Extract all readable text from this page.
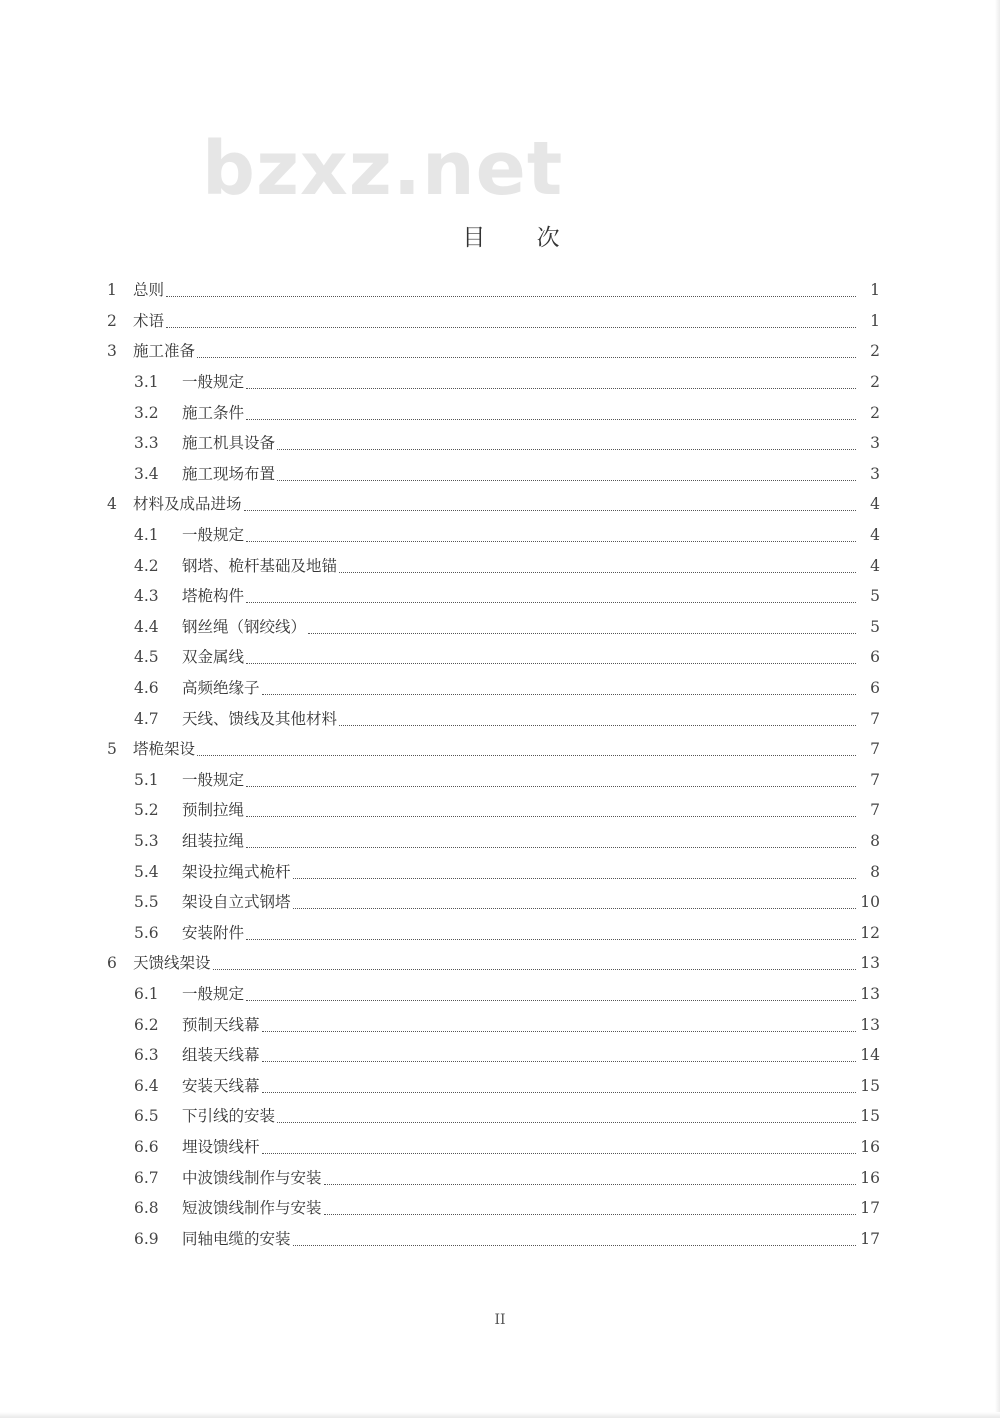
bzxz.net
目 次
1	总则	1
2	术语	1
3	施工准备	2
3.1	一般规定	2
3.2	施工条件	2
3.3	施工机具设备	3
3.4	施工现场布置	3
4	材料及成品进场	4
4.1	一般规定	4
4.2	钢塔、桅杆基础及地锚	4
4.3	塔桅构件	5
4.4	钢丝绳（钢绞线）	5
4.5	双金属线	6
4.6	高频绝缘子	6
4.7	天线、馈线及其他材料	7
5	塔桅架设	7
5.1	一般规定	7
5.2	预制拉绳	7
5.3	组装拉绳	8
5.4	架设拉绳式桅杆	8
5.5	架设自立式钢塔	10
5.6	安装附件	12
6	天馈线架设	13
6.1	一般规定	13
6.2	预制天线幕	13
6.3	组装天线幕	14
6.4	安装天线幕	15
6.5	下引线的安装	15
6.6	埋设馈线杆	16
6.7	中波馈线制作与安装	16
6.8	短波馈线制作与安装	17
6.9	同轴电缆的安装	17
II
